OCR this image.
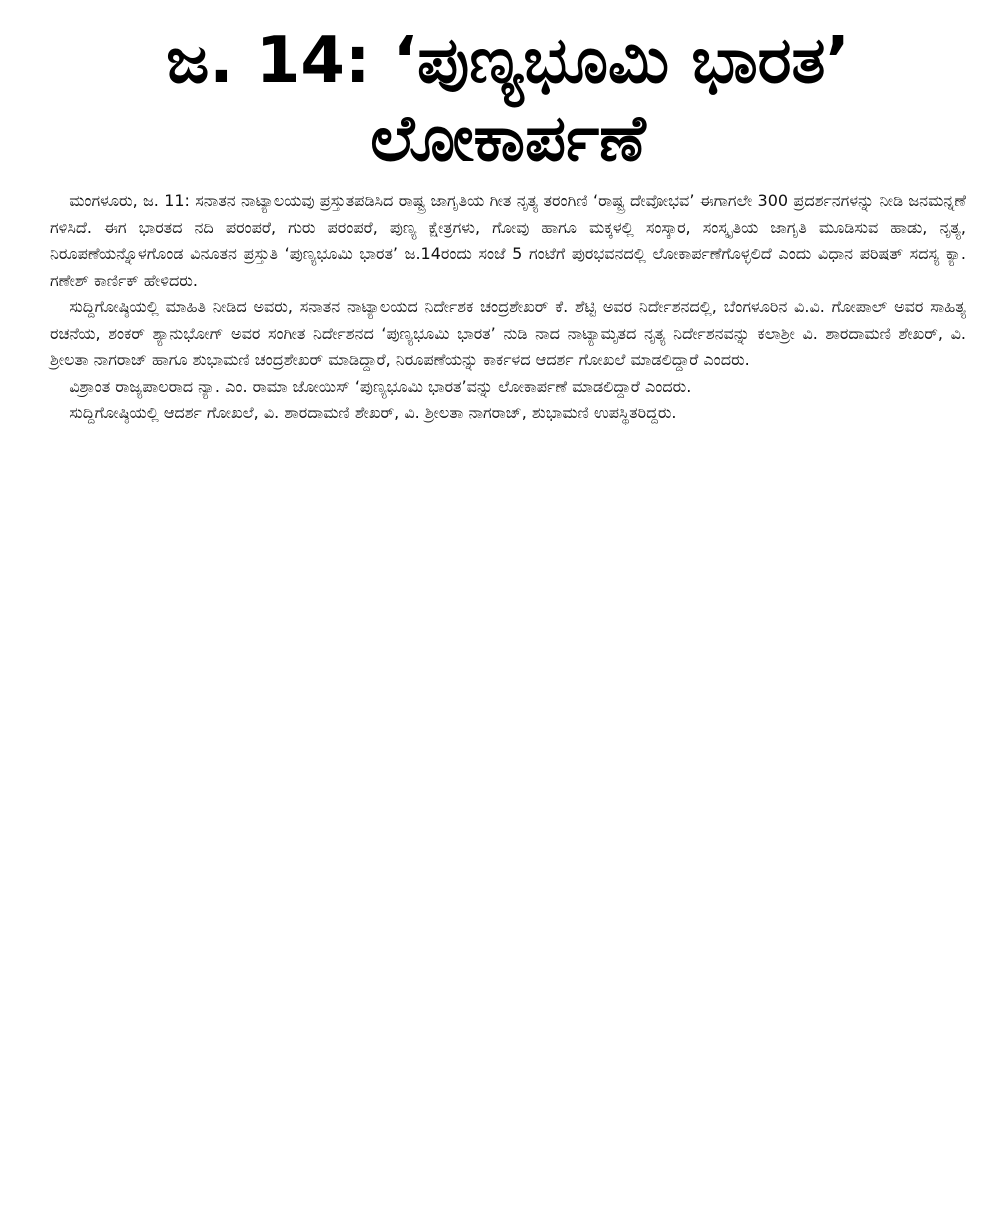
ಜ. 14: ‘ಪುಣ್ಯಭೂಮಿ ಭಾರತ’
ಲೋಕಾರ್ಪಣೆ

ಮಂಗಳೂರು, ಜ. 11: ಸನಾತನ ನಾಟ್ಯಾಲಯವು ಪ್ರಸ್ತುತಪಡಿಸಿದ ರಾಷ್ಟ್ರ ಜಾಗೃತಿಯ ಗೀತ ನೃತ್ಯ ತರಂಗಿಣಿ ‘ರಾಷ್ಟ್ರ ದೇವೋಭವ’ ಈಗಾಗಲೇ 300 ಪ್ರದರ್ಶನಗಳನ್ನು ನೀಡಿ ಜನಮನ್ನಣೆ ಗಳಿಸಿದೆ. ಈಗ ಭಾರತದ ನದಿ ಪರಂಪರೆ, ಗುರು ಪರಂಪರೆ, ಪುಣ್ಯ ಕ್ಷೇತ್ರಗಳು, ಗೋವು ಹಾಗೂ ಮಕ್ಕಳಲ್ಲಿ ಸಂಸ್ಕಾರ, ಸಂಸ್ಕೃತಿಯ ಜಾಗೃತಿ ಮೂಡಿಸುವ ಹಾಡು, ನೃತ್ಯ, ನಿರೂಪಣೆಯನ್ನೊಳಗೊಂಡ ವಿನೂತನ ಪ್ರಸ್ತುತಿ ‘ಪುಣ್ಯಭೂಮಿ ಭಾರತ’ ಜ.14ರಂದು ಸಂಜೆ 5 ಗಂಟೆಗೆ ಪುರಭವನದಲ್ಲಿ ಲೋಕಾರ್ಪಣೆಗೊಳ್ಳಲಿದೆ ಎಂದು ವಿಧಾನ ಪರಿಷತ್ ಸದಸ್ಯ ಕ್ಯಾ. ಗಣೇಶ್ ಕಾರ್ಣಿಕ್ ಹೇಳಿದರು.

ಸುದ್ದಿಗೋಷ್ಠಿಯಲ್ಲಿ ಮಾಹಿತಿ ನೀಡಿದ ಅವರು, ಸನಾತನ ನಾಟ್ಯಾಲಯದ ನಿರ್ದೇಶಕ ಚಂದ್ರಶೇಖರ್ ಕೆ. ಶೆಟ್ಟಿ ಅವರ ನಿರ್ದೇಶನದಲ್ಲಿ, ಬೆಂಗಳೂರಿನ ವಿ.ವಿ. ಗೋಪಾಲ್ ಅವರ ಸಾಹಿತ್ಯ ರಚನೆಯ, ಶಂಕರ್ ಶ್ಯಾನುಭೋಗ್ ಅವರ ಸಂಗೀತ ನಿರ್ದೇಶನದ ‘ಪುಣ್ಯಭೂಮಿ ಭಾರತ’ ನುಡಿ ನಾದ ನಾಟ್ಯಾಮೃತದ ನೃತ್ಯ ನಿರ್ದೇಶನವನ್ನು ಕಲಾಶ್ರೀ ವಿ. ಶಾರದಾಮಣಿ ಶೇಖರ್, ವಿ. ಶ್ರೀಲತಾ ನಾಗರಾಜ್ ಹಾಗೂ ಶುಭಾಮಣಿ ಚಂದ್ರಶೇಖರ್ ಮಾಡಿದ್ದಾರೆ, ನಿರೂಪಣೆಯನ್ನು ಕಾರ್ಕಳದ ಆದರ್ಶ ಗೋಖಲೆ ಮಾಡಲಿದ್ದಾರೆ ಎಂದರು.

ವಿಶ್ರಾಂತ ರಾಜ್ಯಪಾಲರಾದ ನ್ಯಾ. ಎಂ. ರಾಮಾ ಜೋಯಿಸ್ ‘ಪುಣ್ಯಭೂಮಿ ಭಾರತ’ವನ್ನು ಲೋಕಾರ್ಪಣೆ ಮಾಡಲಿದ್ದಾರೆ ಎಂದರು.

ಸುದ್ದಿಗೋಷ್ಠಿಯಲ್ಲಿ ಆದರ್ಶ ಗೋಖಲೆ, ವಿ. ಶಾರದಾಮಣಿ ಶೇಖರ್, ವಿ. ಶ್ರೀಲತಾ ನಾಗರಾಜ್, ಶುಭಾಮಣಿ ಉಪಸ್ಥಿತರಿದ್ದರು.
